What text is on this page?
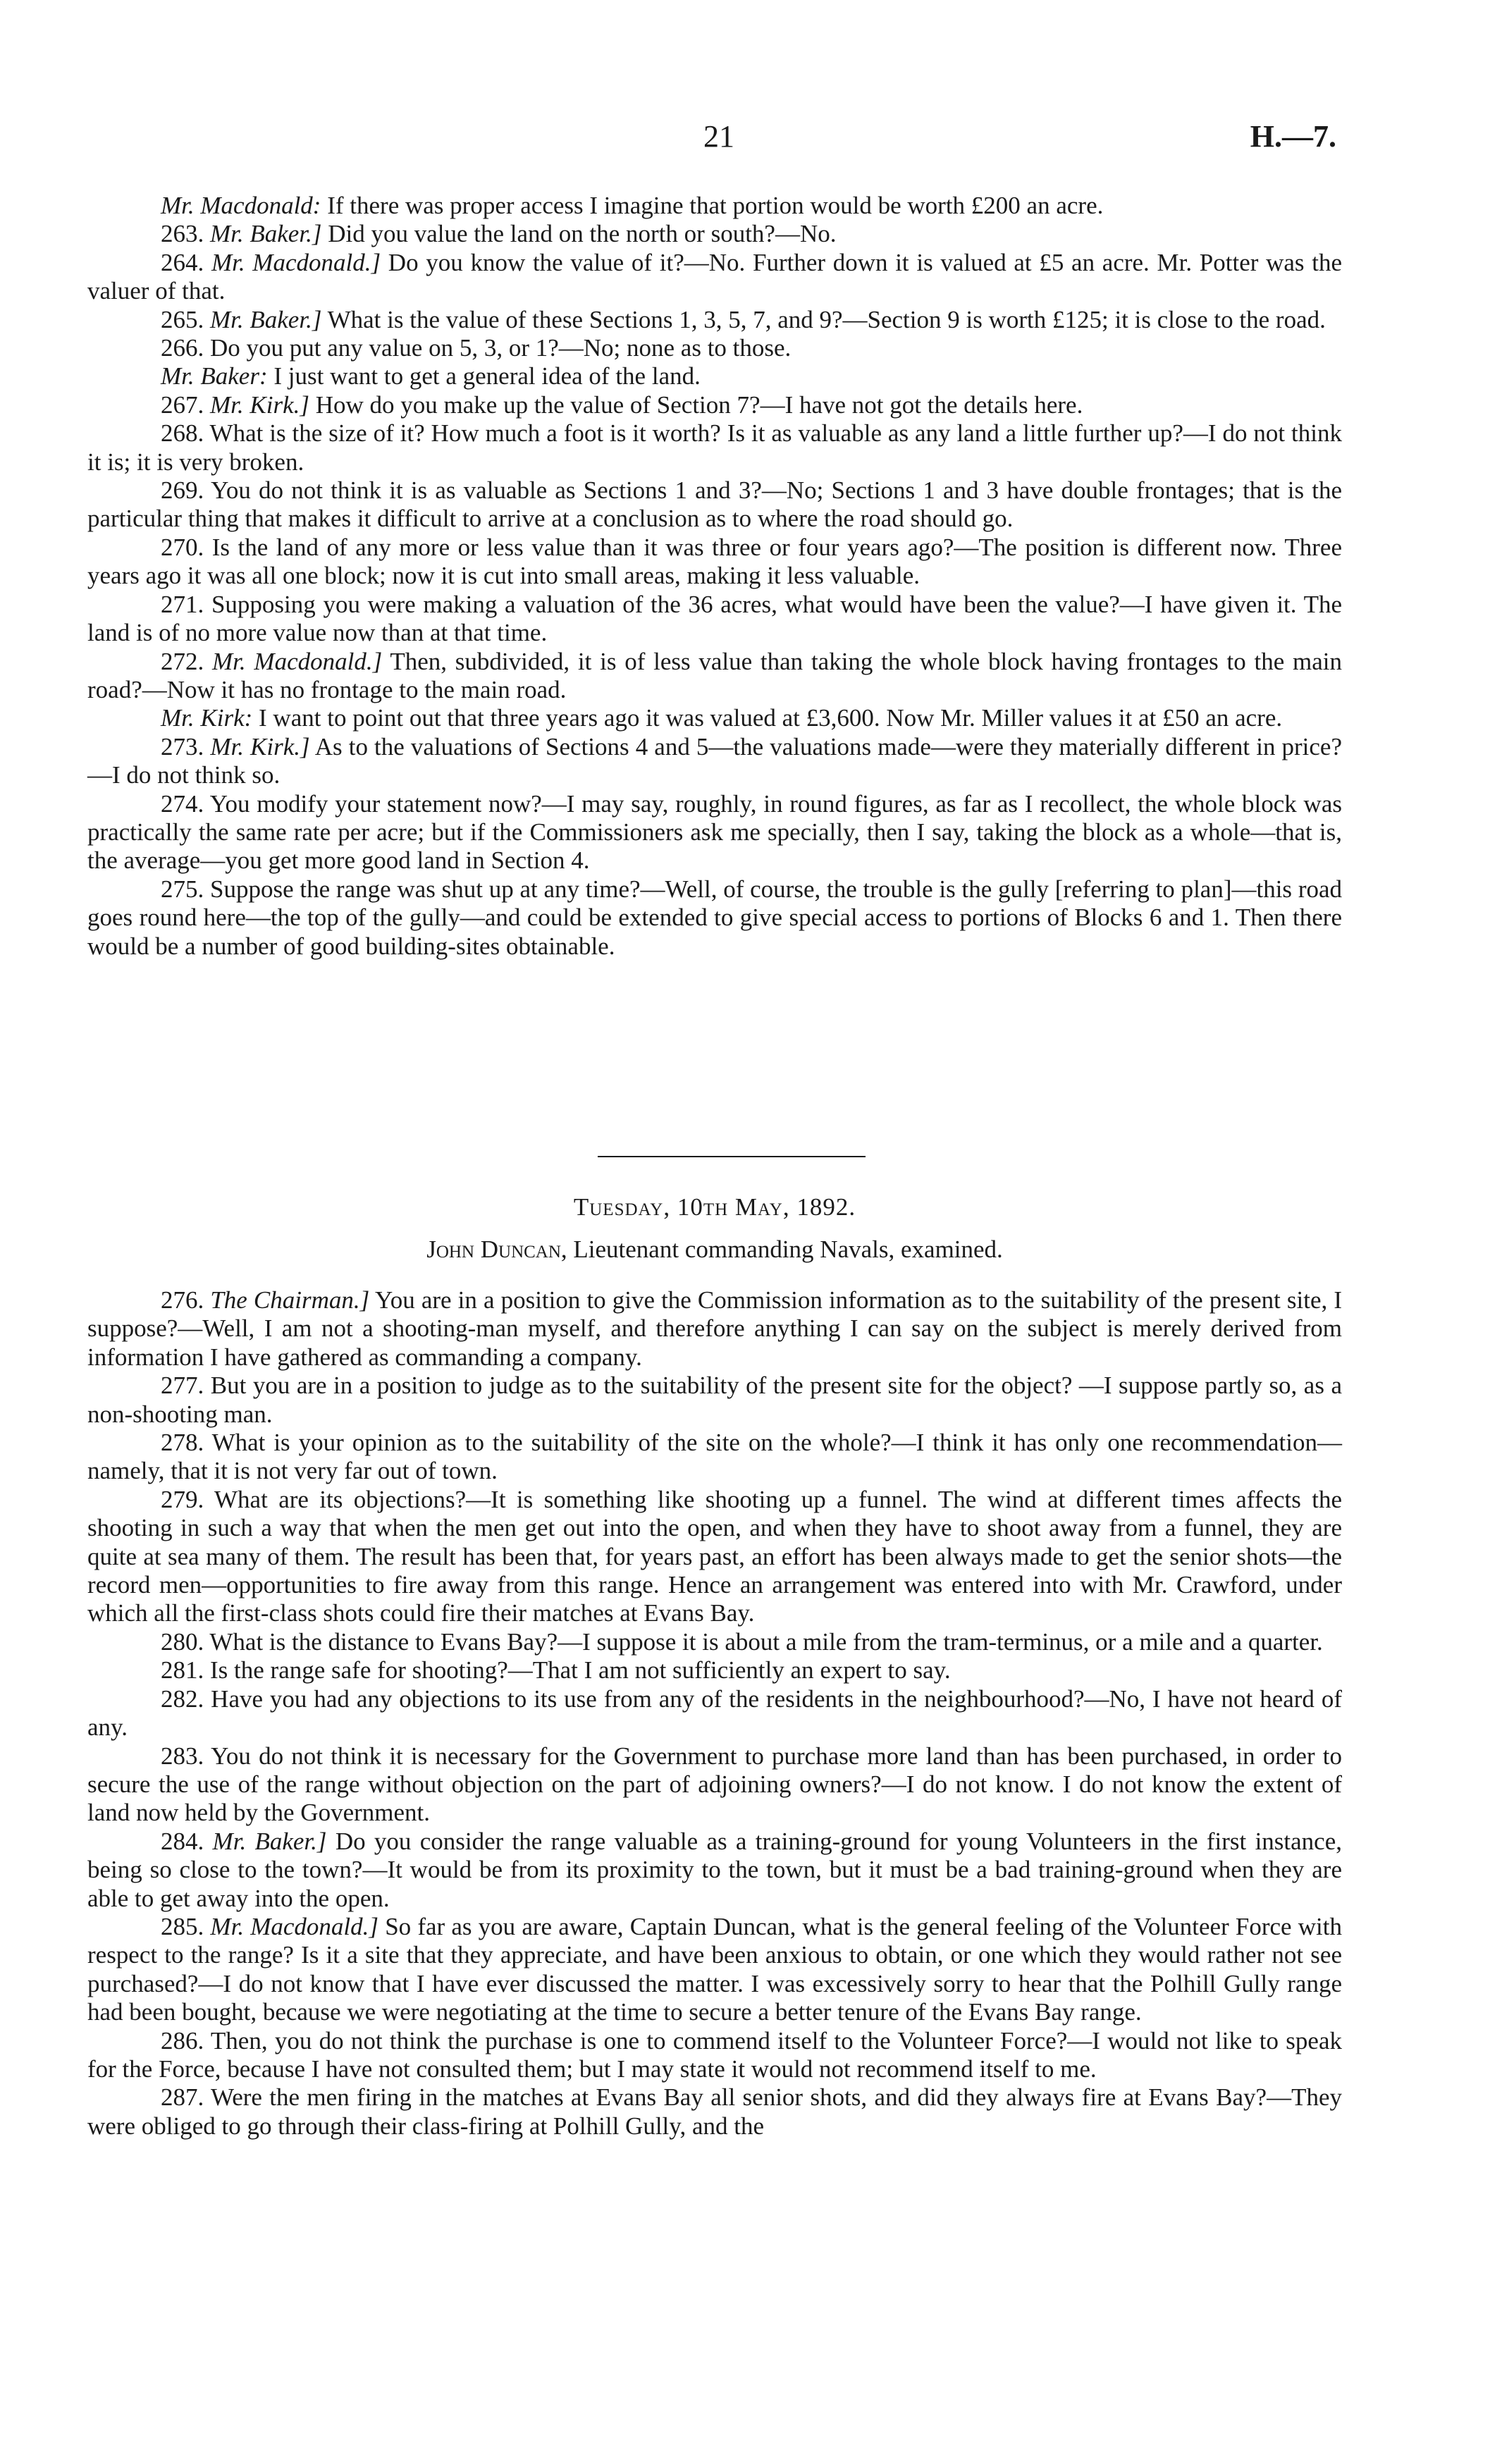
21	H.—7.

Mr. Macdonald: If there was proper access I imagine that portion would be worth £200 an acre.

263. Mr. Baker.] Did you value the land on the north or south?—No.

264. Mr. Macdonald.] Do you know the value of it?—No. Further down it is valued at £5 an acre. Mr. Potter was the valuer of that.

265. Mr. Baker.] What is the value of these Sections 1, 3, 5, 7, and 9?—Section 9 is worth £125; it is close to the road.

266. Do you put any value on 5, 3, or 1?—No; none as to those.

Mr. Baker: I just want to get a general idea of the land.

267. Mr. Kirk.] How do you make up the value of Section 7?—I have not got the details here.

268. What is the size of it? How much a foot is it worth? Is it as valuable as any land a little further up?—I do not think it is; it is very broken.

269. You do not think it is as valuable as Sections 1 and 3?—No; Sections 1 and 3 have double frontages; that is the particular thing that makes it difficult to arrive at a conclusion as to where the road should go.

270. Is the land of any more or less value than it was three or four years ago?—The position is different now. Three years ago it was all one block; now it is cut into small areas, making it less valuable.

271. Supposing you were making a valuation of the 36 acres, what would have been the value?—I have given it. The land is of no more value now than at that time.

272. Mr. Macdonald.] Then, subdivided, it is of less value than taking the whole block having frontages to the main road?—Now it has no frontage to the main road.

Mr. Kirk: I want to point out that three years ago it was valued at £3,600. Now Mr. Miller values it at £50 an acre.

273. Mr. Kirk.] As to the valuations of Sections 4 and 5—the valuations made—were they materially different in price?—I do not think so.

274. You modify your statement now?—I may say, roughly, in round figures, as far as I recollect, the whole block was practically the same rate per acre; but if the Commissioners ask me specially, then I say, taking the block as a whole—that is, the average—you get more good land in Section 4.

275. Suppose the range was shut up at any time?—Well, of course, the trouble is the gully [referring to plan]—this road goes round here—the top of the gully—and could be extended to give special access to portions of Blocks 6 and 1. Then there would be a number of good building-sites obtainable.

Tuesday, 10th May, 1892.
John Duncan, Lieutenant commanding Navals, examined.

276. The Chairman.] You are in a position to give the Commission information as to the suitability of the present site, I suppose?—Well, I am not a shooting-man myself, and therefore anything I can say on the subject is merely derived from information I have gathered as commanding a company.

277. But you are in a position to judge as to the suitability of the present site for the object? —I suppose partly so, as a non-shooting man.

278. What is your opinion as to the suitability of the site on the whole?—I think it has only one recommendation—namely, that it is not very far out of town.

279. What are its objections?—It is something like shooting up a funnel. The wind at different times affects the shooting in such a way that when the men get out into the open, and when they have to shoot away from a funnel, they are quite at sea many of them. The result has been that, for years past, an effort has been always made to get the senior shots—the record men—opportunities to fire away from this range. Hence an arrangement was entered into with Mr. Crawford, under which all the first-class shots could fire their matches at Evans Bay.

280. What is the distance to Evans Bay?—I suppose it is about a mile from the tram-terminus, or a mile and a quarter.

281. Is the range safe for shooting?—That I am not sufficiently an expert to say.

282. Have you had any objections to its use from any of the residents in the neighbourhood?—No, I have not heard of any.

283. You do not think it is necessary for the Government to purchase more land than has been purchased, in order to secure the use of the range without objection on the part of adjoining owners?—I do not know. I do not know the extent of land now held by the Government.

284. Mr. Baker.] Do you consider the range valuable as a training-ground for young Volunteers in the first instance, being so close to the town?—It would be from its proximity to the town, but it must be a bad training-ground when they are able to get away into the open.

285. Mr. Macdonald.] So far as you are aware, Captain Duncan, what is the general feeling of the Volunteer Force with respect to the range? Is it a site that they appreciate, and have been anxious to obtain, or one which they would rather not see purchased?—I do not know that I have ever discussed the matter. I was excessively sorry to hear that the Polhill Gully range had been bought, because we were negotiating at the time to secure a better tenure of the Evans Bay range.

286. Then, you do not think the purchase is one to commend itself to the Volunteer Force?—I would not like to speak for the Force, because I have not consulted them; but I may state it would not recommend itself to me.

287. Were the men firing in the matches at Evans Bay all senior shots, and did they always fire at Evans Bay?—They were obliged to go through their class-firing at Polhill Gully, and the
